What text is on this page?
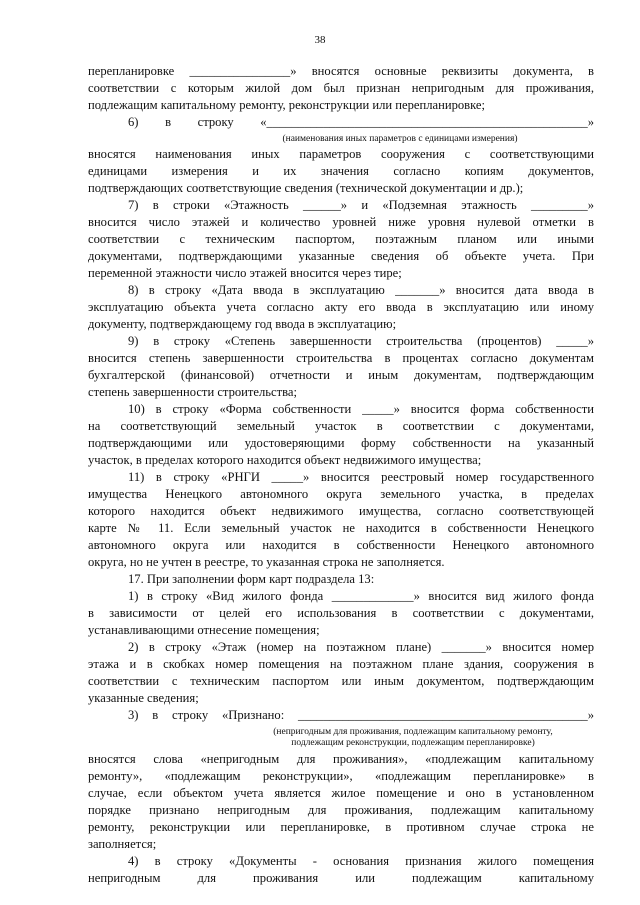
38
перепланировке ________________» вносятся основные реквизиты документа, в
соответствии с которым жилой дом был признан непригодным для проживания,
подлежащим капитальному ремонту, реконструкции или перепланировке;
6) в строку «___________________________________________________»
(наименования иных параметров с единицами измерения)
вносятся наименования иных параметров сооружения с соответствующими
единицами измерения и их значения согласно копиям документов,
подтверждающих соответствующие сведения (технической документации и др.);
7) в строки «Этажность ______» и «Подземная этажность _________»
вносится число этажей и количество уровней ниже уровня нулевой отметки в
соответствии с техническим паспортом, поэтажным планом или иными
документами, подтверждающими указанные сведения об объекте учета. При
переменной этажности число этажей вносится через тире;
8) в строку «Дата ввода в эксплуатацию _______» вносится дата ввода в
эксплуатацию объекта учета согласно акту его ввода в эксплуатацию или иному
документу, подтверждающему год ввода в эксплуатацию;
9) в строку «Степень завершенности строительства (процентов) _____»
вносится степень завершенности строительства в процентах согласно документам
бухгалтерской (финансовой) отчетности и иным документам, подтверждающим
степень завершенности строительства;
10) в строку «Форма собственности _____» вносится форма собственности
на соответствующий земельный участок в соответствии с документами,
подтверждающими или удостоверяющими форму собственности на указанный
участок, в пределах которого находится объект недвижимого имущества;
11) в строку «РНГИ _____» вносится реестровый номер государственного
имущества Ненецкого автономного округа земельного участка, в пределах
которого находится объект недвижимого имущества, согласно соответствующей
карте № 11. Если земельный участок не находится в собственности Ненецкого
автономного округа или находится в собственности Ненецкого автономного
округа, но не учтен в реестре, то указанная строка не заполняется.
17. При заполнении форм карт подраздела 13:
1) в строку «Вид жилого фонда _____________» вносится вид жилого фонда
в зависимости от целей его использования в соответствии с документами,
устанавливающими отнесение помещения;
2) в строку «Этаж (номер на поэтажном плане) _______» вносится номер
этажа и в скобках номер помещения на поэтажном плане здания, сооружения в
соответствии с техническим паспортом или иным документом, подтверждающим
указанные сведения;
3) в строку «Признано: ______________________________________________»
(непригодным для проживания, подлежащим капитальному ремонту,
подлежащим реконструкции, подлежащим перепланировке)
вносятся слова «непригодным для проживания», «подлежащим капитальному
ремонту», «подлежащим реконструкции», «подлежащим перепланировке» в
случае, если объектом учета является жилое помещение и оно в установленном
порядке признано непригодным для проживания, подлежащим капитальному
ремонту, реконструкции или перепланировке, в противном случае строка не
заполняется;
4) в строку «Документы - основания признания жилого помещения
непригодным для проживания или подлежащим капитальному
